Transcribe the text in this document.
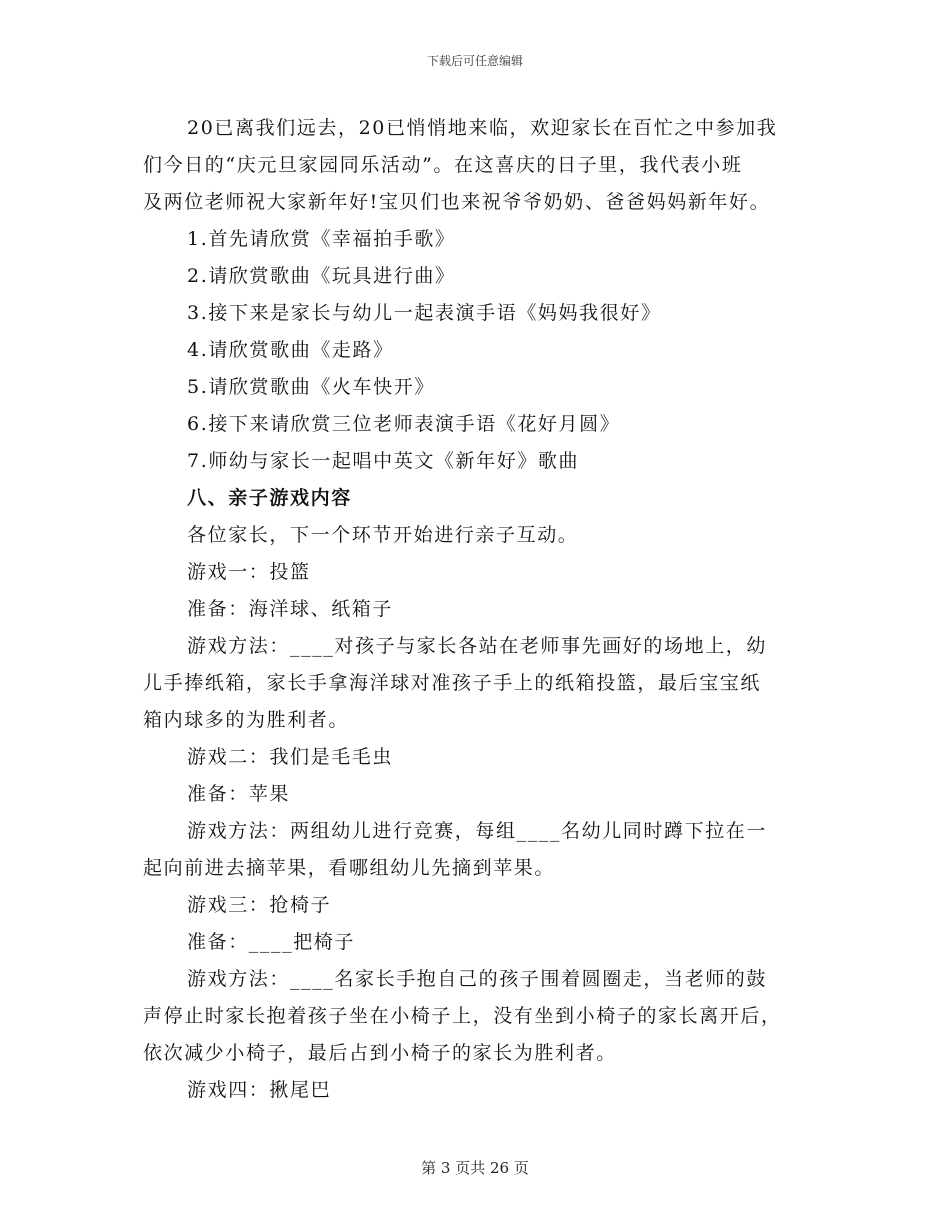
下载后可任意编辑
20已离我们远去，20已悄悄地来临，欢迎家长在百忙之中参加我
们今日的“庆元旦家园同乐活动”。在这喜庆的日子里，我代表小班
及两位老师祝大家新年好!宝贝们也来祝爷爷奶奶、爸爸妈妈新年好。
1.首先请欣赏《幸福拍手歌》
2.请欣赏歌曲《玩具进行曲》
3.接下来是家长与幼儿一起表演手语《妈妈我很好》
4.请欣赏歌曲《走路》
5.请欣赏歌曲《火车快开》
6.接下来请欣赏三位老师表演手语《花好月圆》
7.师幼与家长一起唱中英文《新年好》歌曲
八、亲子游戏内容
各位家长，下一个环节开始进行亲子互动。
游戏一：投篮
准备：海洋球、纸箱子
游戏方法：____对孩子与家长各站在老师事先画好的场地上，幼
儿手捧纸箱，家长手拿海洋球对准孩子手上的纸箱投篮，最后宝宝纸
箱内球多的为胜利者。
游戏二：我们是毛毛虫
准备：苹果
游戏方法：两组幼儿进行竞赛，每组____名幼儿同时蹲下拉在一
起向前进去摘苹果，看哪组幼儿先摘到苹果。
游戏三：抢椅子
准备：____把椅子
游戏方法：____名家长手抱自己的孩子围着圆圈走，当老师的鼓
声停止时家长抱着孩子坐在小椅子上，没有坐到小椅子的家长离开后，
依次减少小椅子，最后占到小椅子的家长为胜利者。
游戏四：揪尾巴
第 3 页共 26 页
